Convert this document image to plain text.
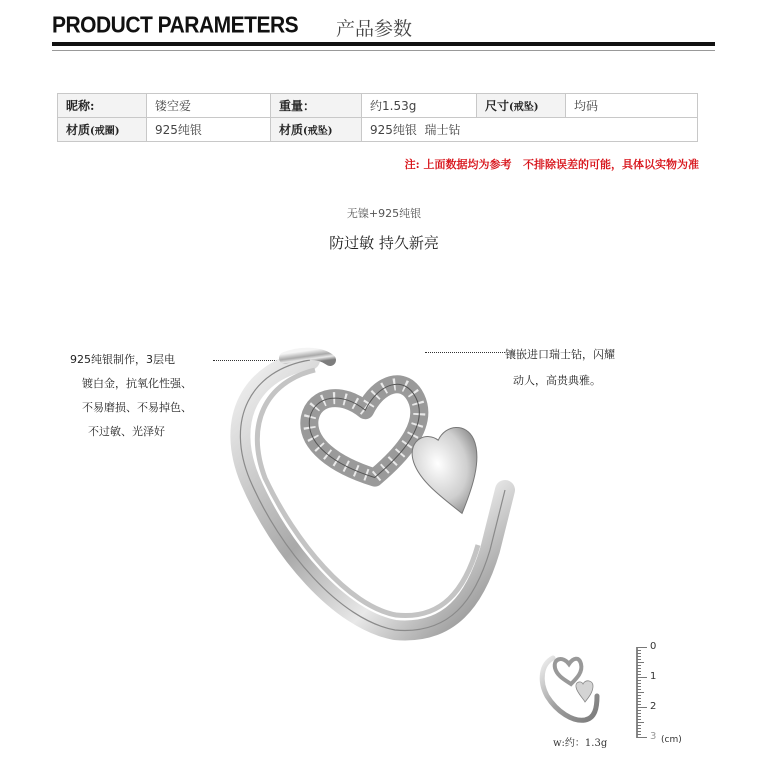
PRODUCT PARAMETERS 产品参数
昵称:	镂空爱	重量：	约1.53g	尺寸(戒坠)	均码
材质(戒圈)	925纯银	材质(戒坠)	925纯银  瑞士钻		
注: 上面数据均为参考   不排除误差的可能，具体以实物为准
无镍+925纯银
防过敏 持久新亮
925纯银制作，3层电
镀白金，抗氧化性强、
不易磨损、不易掉色、
不过敏、光泽好
镶嵌进口瑞士钻，闪耀
动人，高贵典雅。
w:约：1.3g
0
1
2
3 (cm)
